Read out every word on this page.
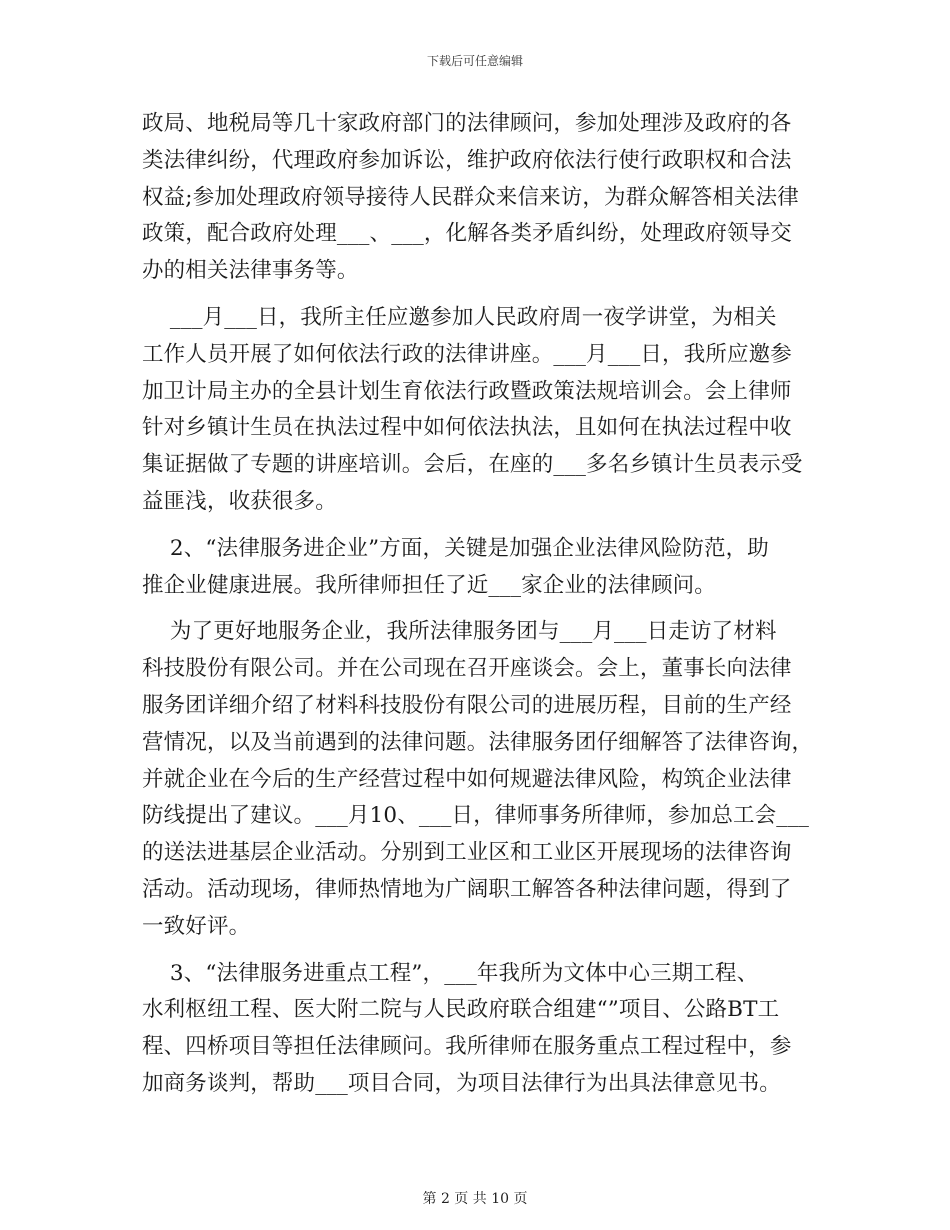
下载后可任意编辑
政局、地税局等几十家政府部门的法律顾问，参加处理涉及政府的各
类法律纠纷，代理政府参加诉讼，维护政府依法行使行政职权和合法
权益;参加处理政府领导接待人民群众来信来访，为群众解答相关法律
政策，配合政府处理___、___，化解各类矛盾纠纷，处理政府领导交
办的相关法律事务等。
___月___日，我所主任应邀参加人民政府周一夜学讲堂，为相关
工作人员开展了如何依法行政的法律讲座。___月___日，我所应邀参
加卫计局主办的全县计划生育依法行政暨政策法规培训会。会上律师
针对乡镇计生员在执法过程中如何依法执法，且如何在执法过程中收
集证据做了专题的讲座培训。会后，在座的___多名乡镇计生员表示受
益匪浅，收获很多。
2、“法律服务进企业”方面，关键是加强企业法律风险防范，助
推企业健康进展。我所律师担任了近___家企业的法律顾问。
为了更好地服务企业，我所法律服务团与___月___日走访了材料
科技股份有限公司。并在公司现在召开座谈会。会上，董事长向法律
服务团详细介绍了材料科技股份有限公司的进展历程，目前的生产经
营情况，以及当前遇到的法律问题。法律服务团仔细解答了法律咨询，
并就企业在今后的生产经营过程中如何规避法律风险，构筑企业法律
防线提出了建议。___月10、___日，律师事务所律师，参加总工会___
的送法进基层企业活动。分别到工业区和工业区开展现场的法律咨询
活动。活动现场，律师热情地为广阔职工解答各种法律问题，得到了
一致好评。
3、“法律服务进重点工程”，___年我所为文体中心三期工程、
水利枢纽工程、医大附二院与人民政府联合组建“”项目、公路BT工
程、四桥项目等担任法律顾问。我所律师在服务重点工程过程中，参
加商务谈判，帮助___项目合同，为项目法律行为出具法律意见书。
第 2 页 共 10 页
